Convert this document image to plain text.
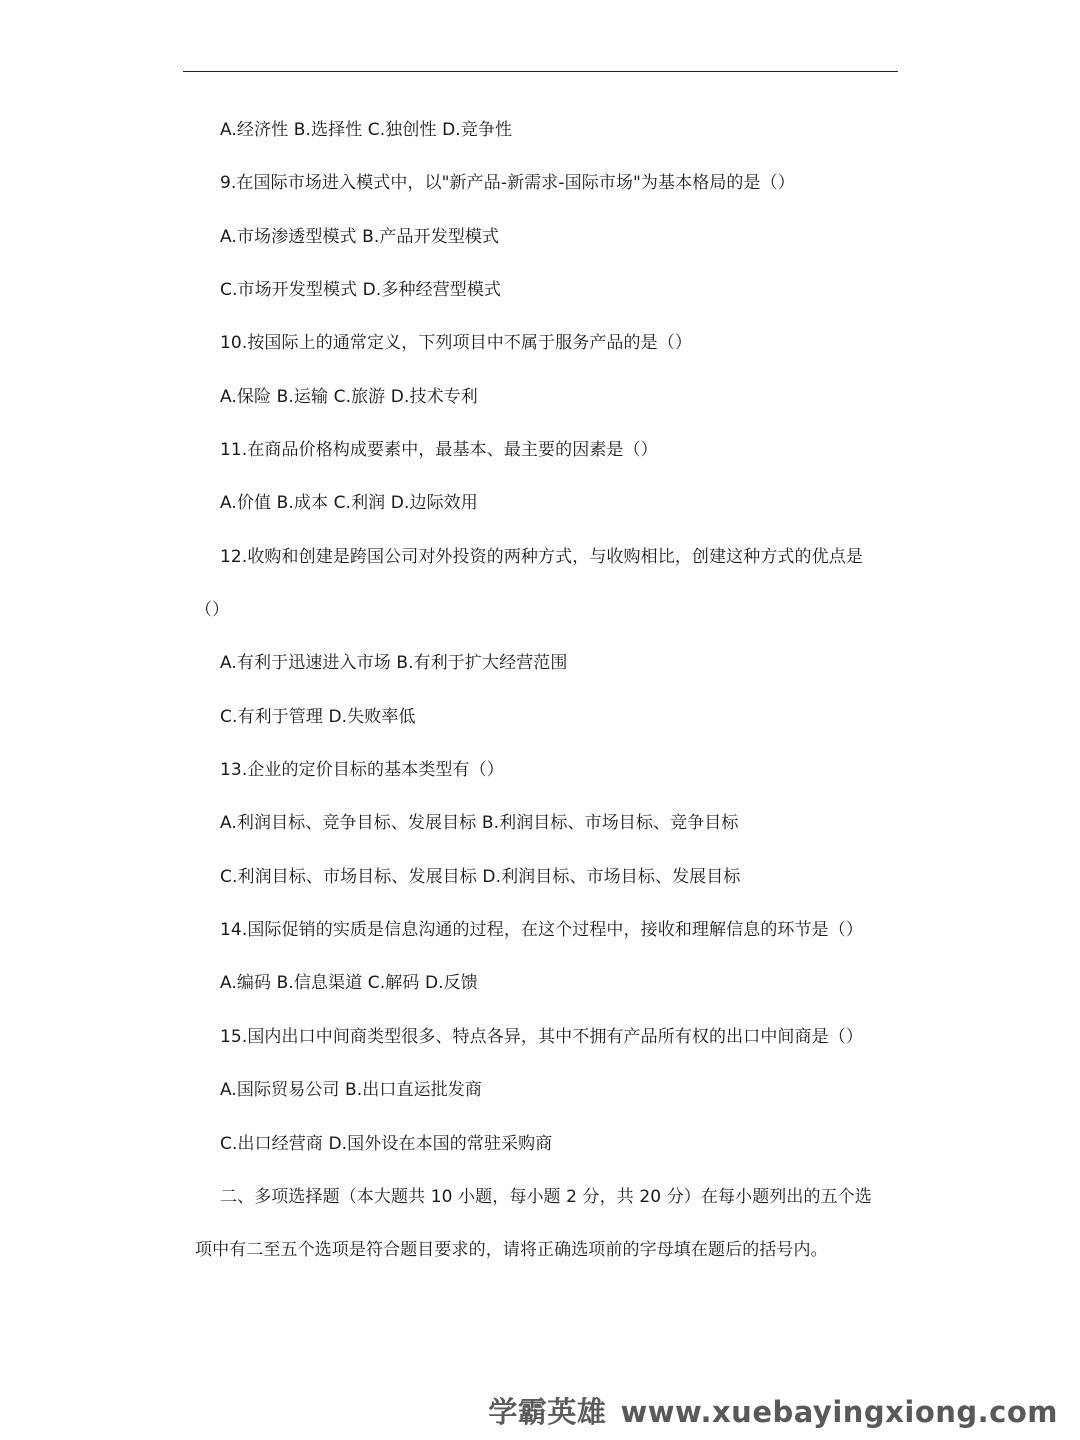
A.经济性 B.选择性 C.独创性 D.竞争性
9.在国际市场进入模式中，以"新产品-新需求-国际市场"为基本格局的是（）
A.市场渗透型模式 B.产品开发型模式
C.市场开发型模式 D.多种经营型模式
10.按国际上的通常定义，下列项目中不属于服务产品的是（）
A.保险 B.运输 C.旅游 D.技术专利
11.在商品价格构成要素中，最基本、最主要的因素是（）
A.价值 B.成本 C.利润 D.边际效用
12.收购和创建是跨国公司对外投资的两种方式，与收购相比，创建这种方式的优点是
（）
A.有利于迅速进入市场 B.有利于扩大经营范围
C.有利于管理 D.失败率低
13.企业的定价目标的基本类型有（）
A.利润目标、竞争目标、发展目标 B.利润目标、市场目标、竞争目标
C.利润目标、市场目标、发展目标 D.利润目标、市场目标、发展目标
14.国际促销的实质是信息沟通的过程，在这个过程中，接收和理解信息的环节是（）
A.编码 B.信息渠道 C.解码 D.反馈
15.国内出口中间商类型很多、特点各异，其中不拥有产品所有权的出口中间商是（）
A.国际贸易公司 B.出口直运批发商
C.出口经营商 D.国外设在本国的常驻采购商
二、多项选择题（本大题共 10 小题，每小题 2 分，共 20 分）在每小题列出的五个选
项中有二至五个选项是符合题目要求的，请将正确选项前的字母填在题后的括号内。
学霸英雄 www.xuebayingxiong.com
